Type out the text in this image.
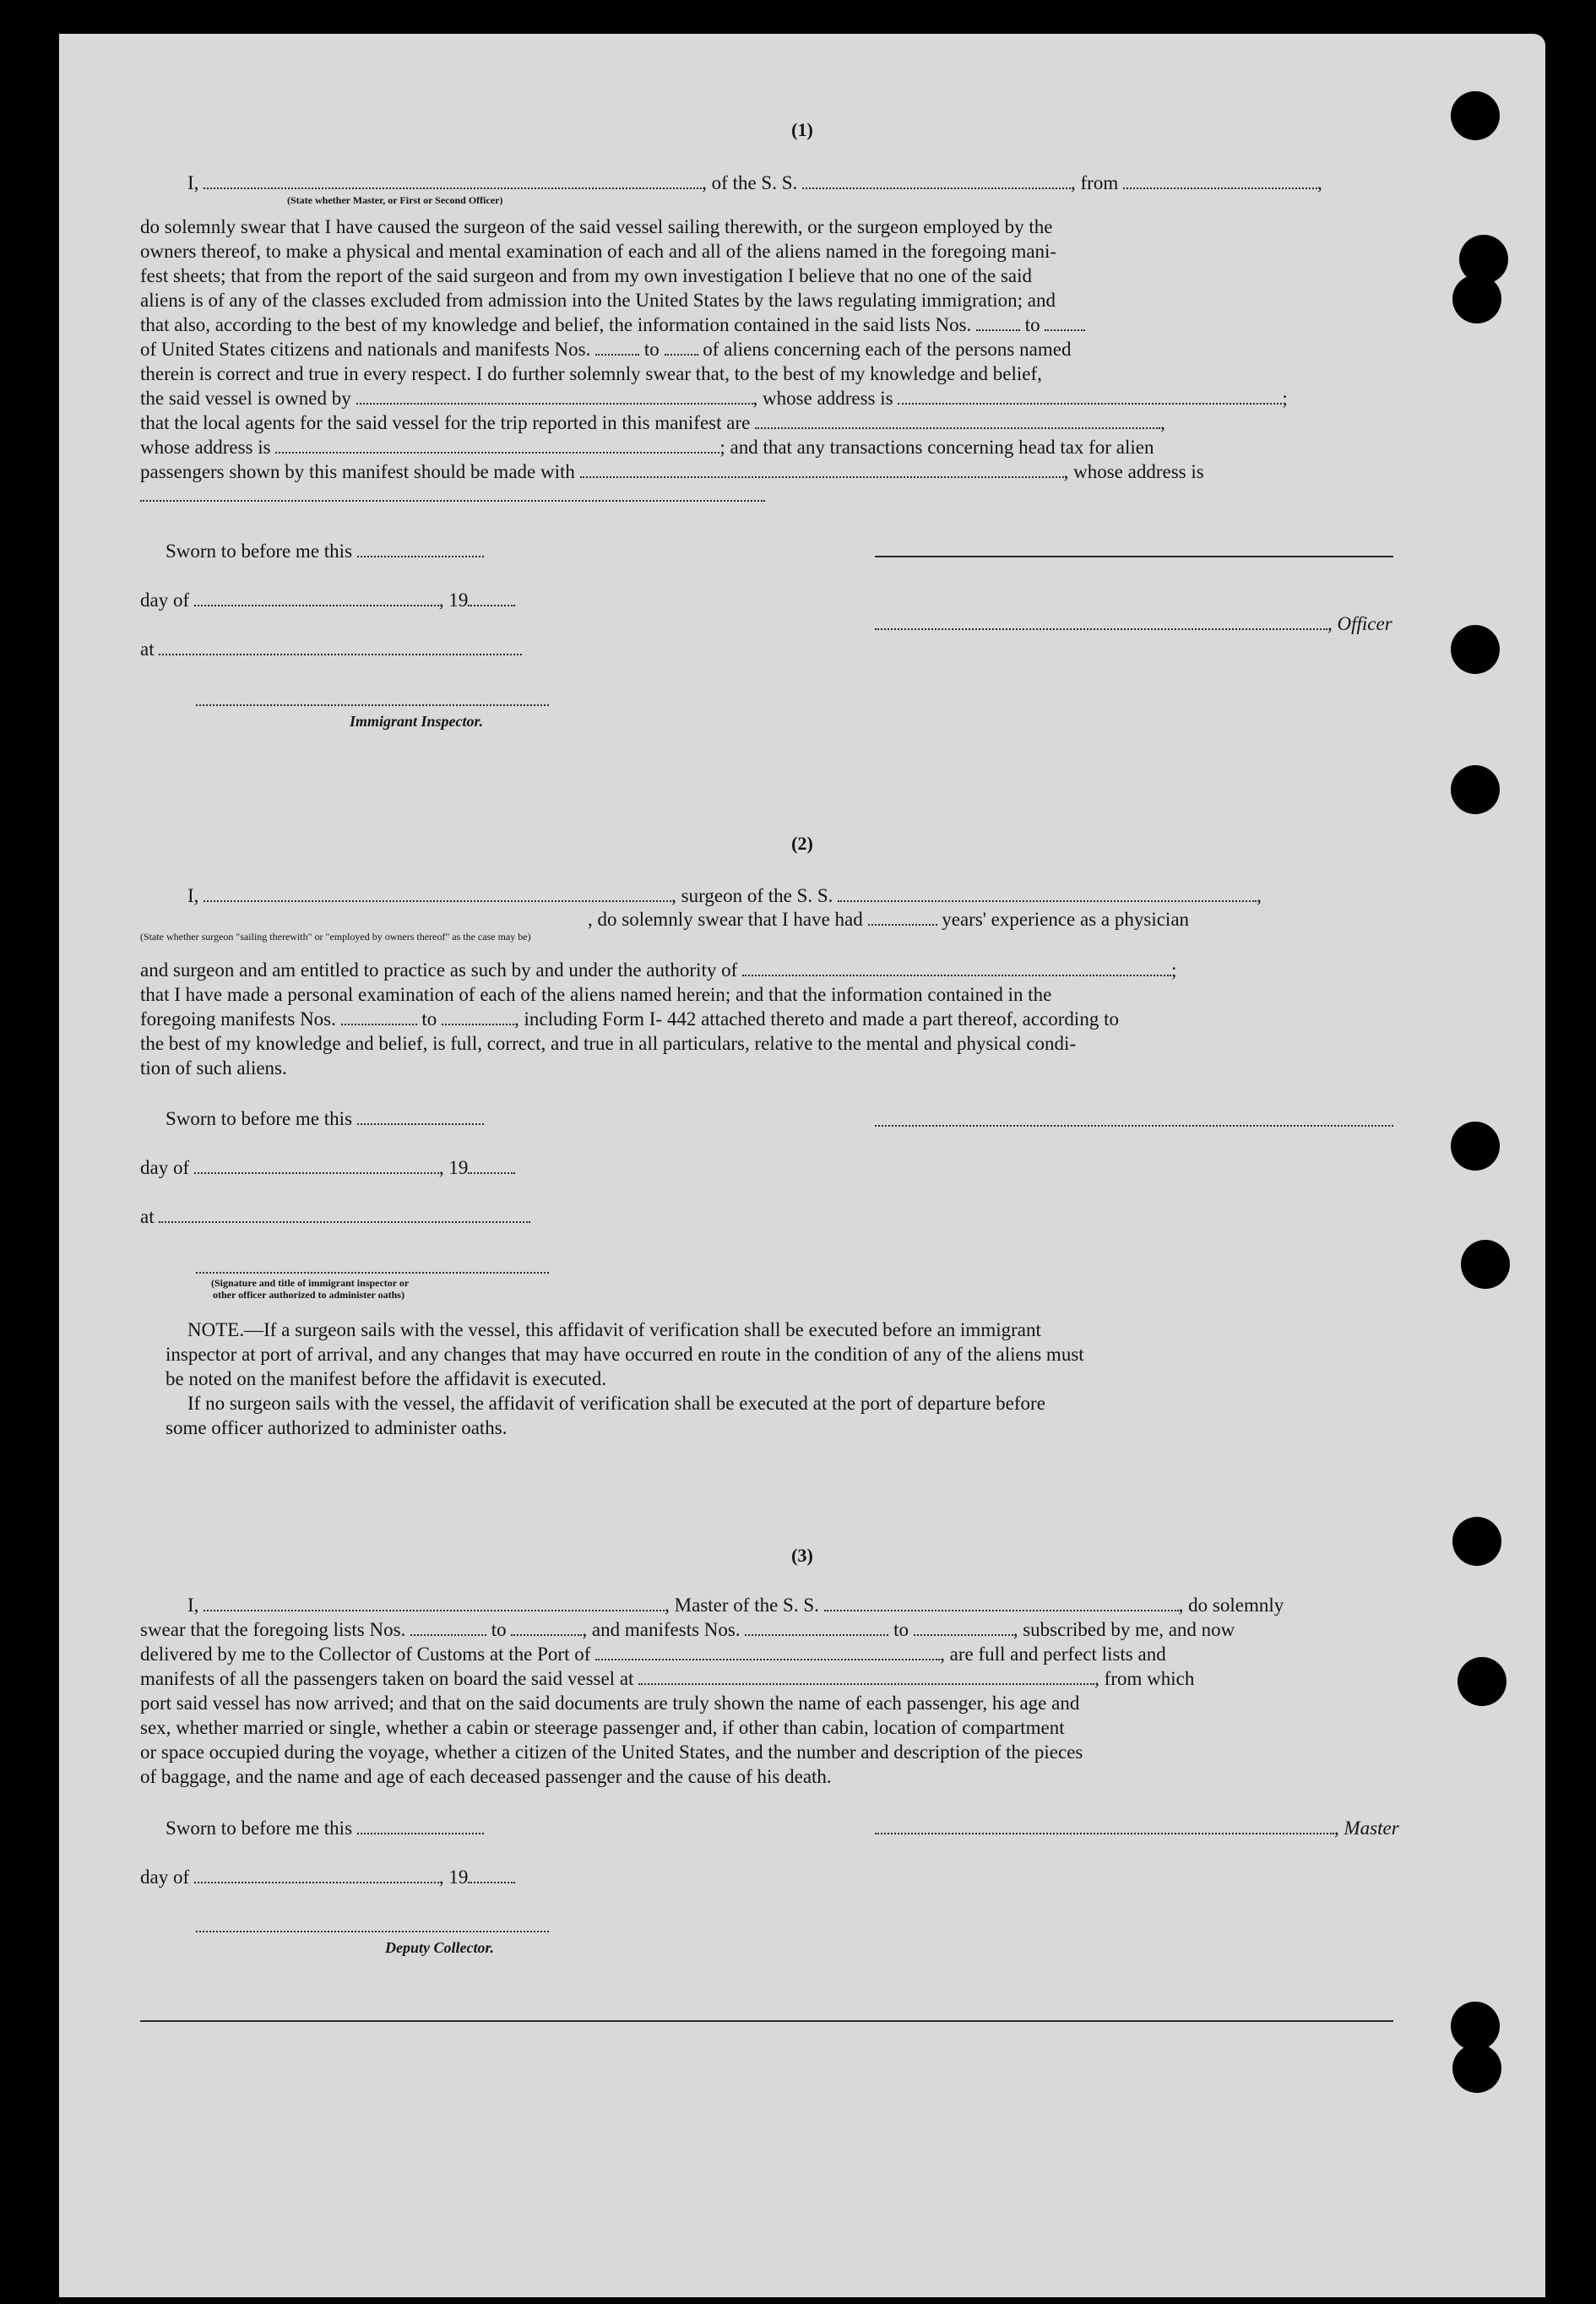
(1)
I,	, of the S. S.	, from	,
(State whether Master, or First or Second Officer)
do solemnly swear that I have caused the surgeon of the said vessel sailing therewith, or the surgeon employed by the
owners thereof, to make a physical and mental examination of each and all of the aliens named in the foregoing mani-
fest sheets; that from the report of the said surgeon and from my own investigation I believe that no one of the said
aliens is of any of the classes excluded from admission into the United States by the laws regulating immigration; and
that also, according to the best of my knowledge and belief, the information contained in the said lists Nos.	to
of United States citizens and nationals and manifests Nos.	to of aliens concerning each of the persons named
therein is correct and true in every respect. I do further solemnly swear that, to the best of my knowledge and belief,
the said vessel is owned by	, whose address is	;
that the local agents for the said vessel for the trip reported in this manifest are	,
whose address is	; and that any transactions concerning head tax for alien
passengers shown by this manifest should be made with	, whose address is
Sworn to before me this
day of	, 19
at
, Officer
Immigrant Inspector.
(2)
I,	, surgeon of the S. S.	,
, do solemnly swear that I have had	years' experience as a physician
(State whether surgeon "sailing therewith" or "employed by owners thereof" as the case may be)
and surgeon and am entitled to practice as such by and under the authority of	;
that I have made a personal examination of each of the aliens named herein; and that the information contained in the
foregoing manifests Nos.	to	, including Form I- 442 attached thereto and made a part thereof, according to
the best of my knowledge and belief, is full, correct, and true in all particulars, relative to the mental and physical condi-
tion of such aliens.
Sworn to before me this
day of	, 19
at
(Signature and title of immigrant inspector or
other officer authorized to administer oaths)
NOTE.—If a surgeon sails with the vessel, this affidavit of verification shall be executed before an immigrant
inspector at port of arrival, and any changes that may have occurred en route in the condition of any of the aliens must
be noted on the manifest before the affidavit is executed.
If no surgeon sails with the vessel, the affidavit of verification shall be executed at the port of departure before
some officer authorized to administer oaths.
(3)
I,	, Master of the S. S.	, do solemnly
swear that the foregoing lists Nos.	to	, and manifests Nos.	to	, subscribed by me, and now
delivered by me to the Collector of Customs at the Port of	, are full and perfect lists and
manifests of all the passengers taken on board the said vessel at	, from which
port said vessel has now arrived; and that on the said documents are truly shown the name of each passenger, his age and
sex, whether married or single, whether a cabin or steerage passenger and, if other than cabin, location of compartment
or space occupied during the voyage, whether a citizen of the United States, and the number and description of the pieces
of baggage, and the name and age of each deceased passenger and the cause of his death.
Sworn to before me this	, Master
day of	, 19
Deputy Collector.
